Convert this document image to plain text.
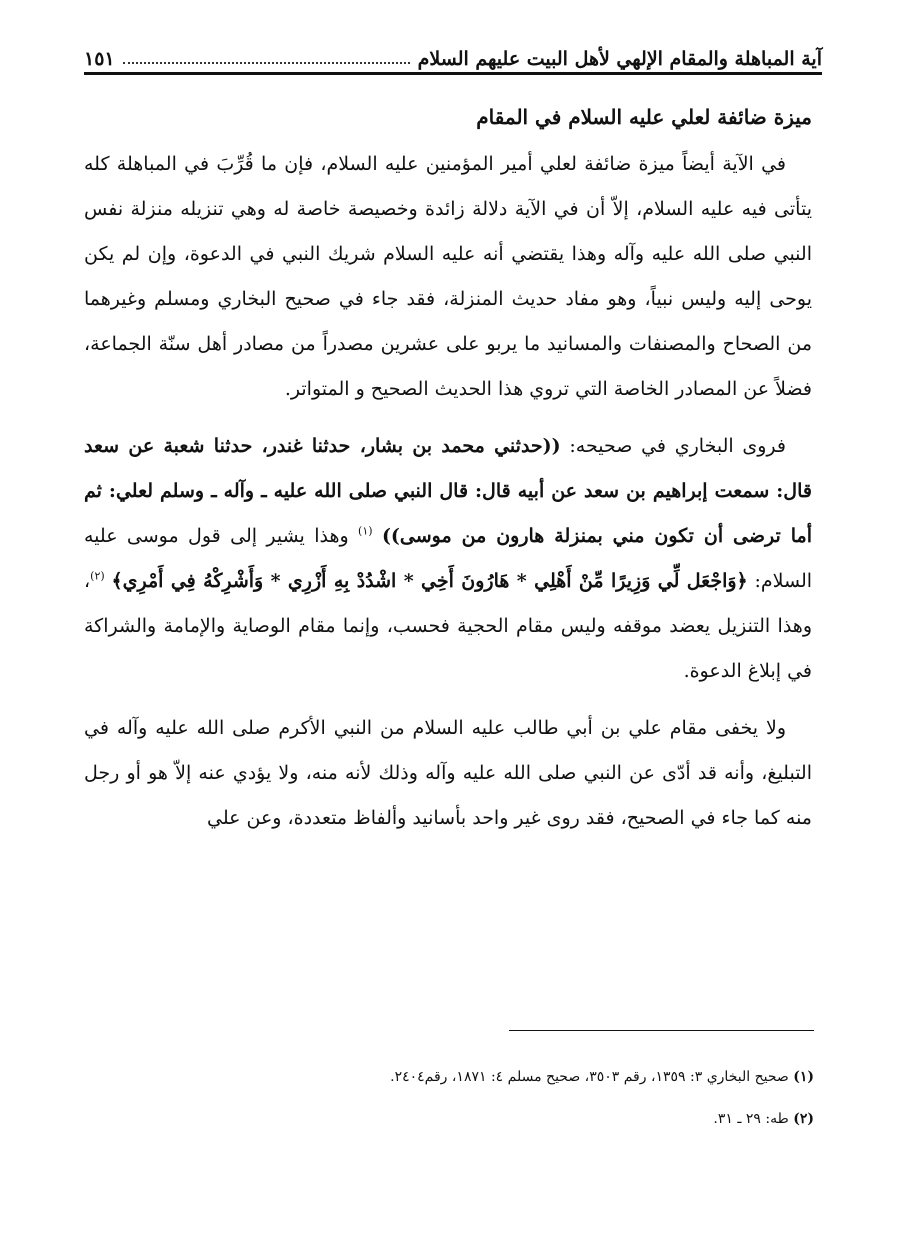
آية المباهلة والمقام الإلهي لأهل البيت عليهم السلام
١٥١

ميزة ضائفة لعلي عليه السلام في المقام

في الآية أيضاً ميزة ضائفة لعلي أمير المؤمنين عليه السلام، فإن ما قُرِّبَ في المباهلة كله يتأتى فيه عليه السلام، إلاّ أن في الآية دلالة زائدة وخصيصة خاصة له وهي تنزيله منزلة نفس النبي صلى الله عليه وآله وهذا يقتضي أنه عليه السلام شريك النبي في الدعوة، وإن لم يكن يوحى إليه وليس نبياً، وهو مفاد حديث المنزلة، فقد جاء في صحيح البخاري ومسلم وغيرهما من الصحاح والمصنفات والمسانيد ما يربو على عشرين مصدراً من مصادر أهل سنّة الجماعة، فضلاً عن المصادر الخاصة التي تروي هذا الحديث الصحيح و المتواتر.

فروى البخاري في صحيحه: ((حدثني محمد بن بشار، حدثنا غندر، حدثنا شعبة عن سعد قال: سمعت إبراهيم بن سعد عن أبيه قال: قال النبي صلى الله عليه ـ وآله ـ وسلم لعلي: ثم أما ترضى أن تكون مني بمنزلة هارون من موسى)) $^{(١)}$ وهذا يشير إلى قول موسى عليه السلام: ﴿وَاجْعَل لِّي وَزِيرًا مِّنْ أَهْلِي * هَارُونَ أَخِي * اشْدُدْ بِهِ أَزْرِي * وَأَشْرِكْهُ فِي أَمْرِي﴾ $^{(٢)}$، وهذا التنزيل يعضد موقفه وليس مقام الحجية فحسب، وإنما مقام الوصاية والإمامة والشراكة في إبلاغ الدعوة.

ولا يخفى مقام علي بن أبي طالب عليه السلام من النبي الأكرم صلى الله عليه وآله في التبليغ، وأنه قد أدّى عن النبي صلى الله عليه وآله وذلك لأنه منه، ولا يؤدي عنه إلاّ هو أو رجل منه كما جاء في الصحيح، فقد روى غير واحد بأسانيد وألفاظ متعددة، وعن علي

(١) صحيح البخاري ٣: ١٣٥٩، رقم ٣٥٠٣، صحيح مسلم ٤: ١٨٧١، رقم٢٤٠٤.

(٢) طه: ٢٩ ـ ٣١.
